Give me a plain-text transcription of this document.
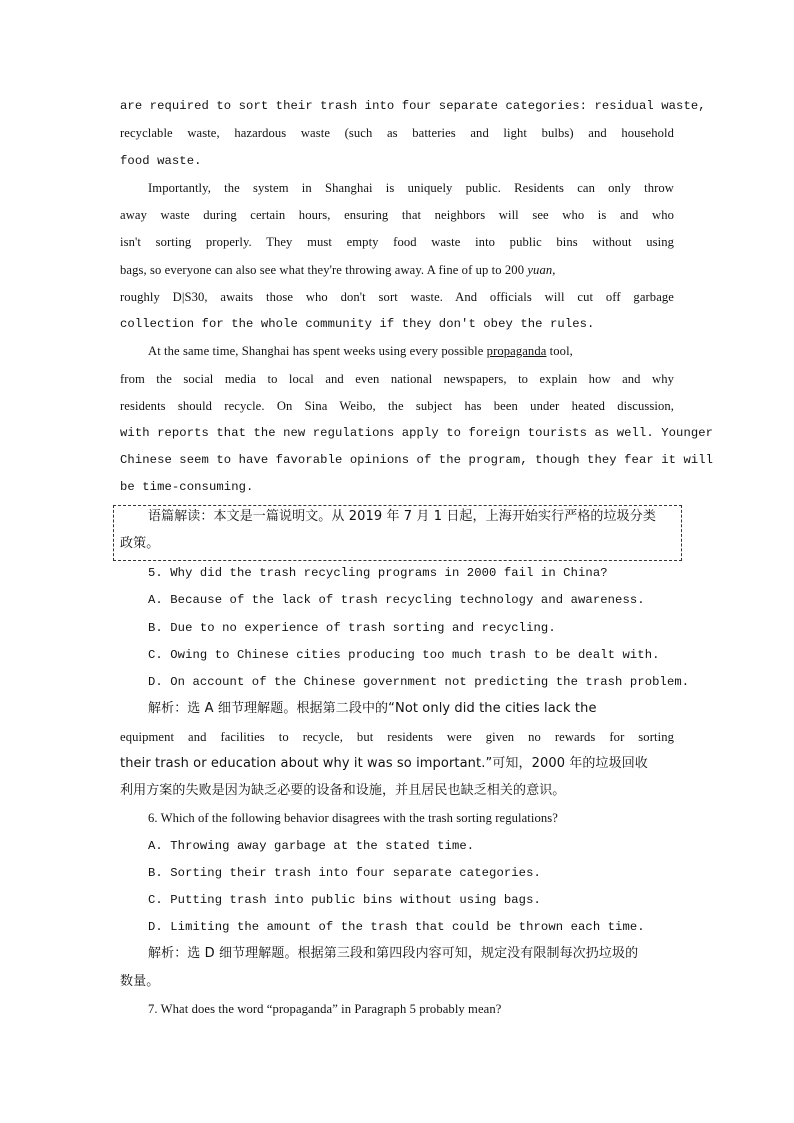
are required to sort their trash into four separate categories: residual waste,
recyclable waste, hazardous waste (such as batteries and light bulbs) and household
food waste.
Importantly, the system in Shanghai is uniquely public. Residents can only throw
away waste during certain hours, ensuring that neighbors will see who is and who
isn't sorting properly. They must empty food waste into public bins without using
bags, so everyone can also see what they're throwing away. A fine of up to 200 yuan,
roughly D|S30, awaits those who don't sort waste. And officials will cut off garbage
collection for the whole community if they don't obey the rules.
At the same time, Shanghai has spent weeks using every possible propaganda tool,
from the social media to local and even national newspapers, to explain how and why
residents should recycle. On Sina Weibo, the subject has been under heated discussion,
with reports that the new regulations apply to foreign tourists as well. Younger
Chinese seem to have favorable opinions of the program, though they fear it will
be time-consuming.
语篇解读：本文是一篇说明文。从 2019 年 7 月 1 日起，上海开始实行严格的垃圾分类
政策。
5. Why did the trash recycling programs in 2000 fail in China?
A. Because of the lack of trash recycling technology and awareness.
B. Due to no experience of trash sorting and recycling.
C. Owing to Chinese cities producing too much trash to be dealt with.
D. On account of the Chinese government not predicting the trash problem.
解析：选 A 细节理解题。根据第二段中的“Not only did the cities lack the
equipment and facilities to recycle, but residents were given no rewards for sorting
their trash or education about why it was so important.”可知，2000 年的垃圾回收
利用方案的失败是因为缺乏必要的设备和设施，并且居民也缺乏相关的意识。
6. Which of the following behavior disagrees with the trash sorting regulations?
A. Throwing away garbage at the stated time.
B. Sorting their trash into four separate categories.
C. Putting trash into public bins without using bags.
D. Limiting the amount of the trash that could be thrown each time.
解析：选 D 细节理解题。根据第三段和第四段内容可知，规定没有限制每次扔垃圾的
数量。
7. What does the word “propaganda” in Paragraph 5 probably mean?
